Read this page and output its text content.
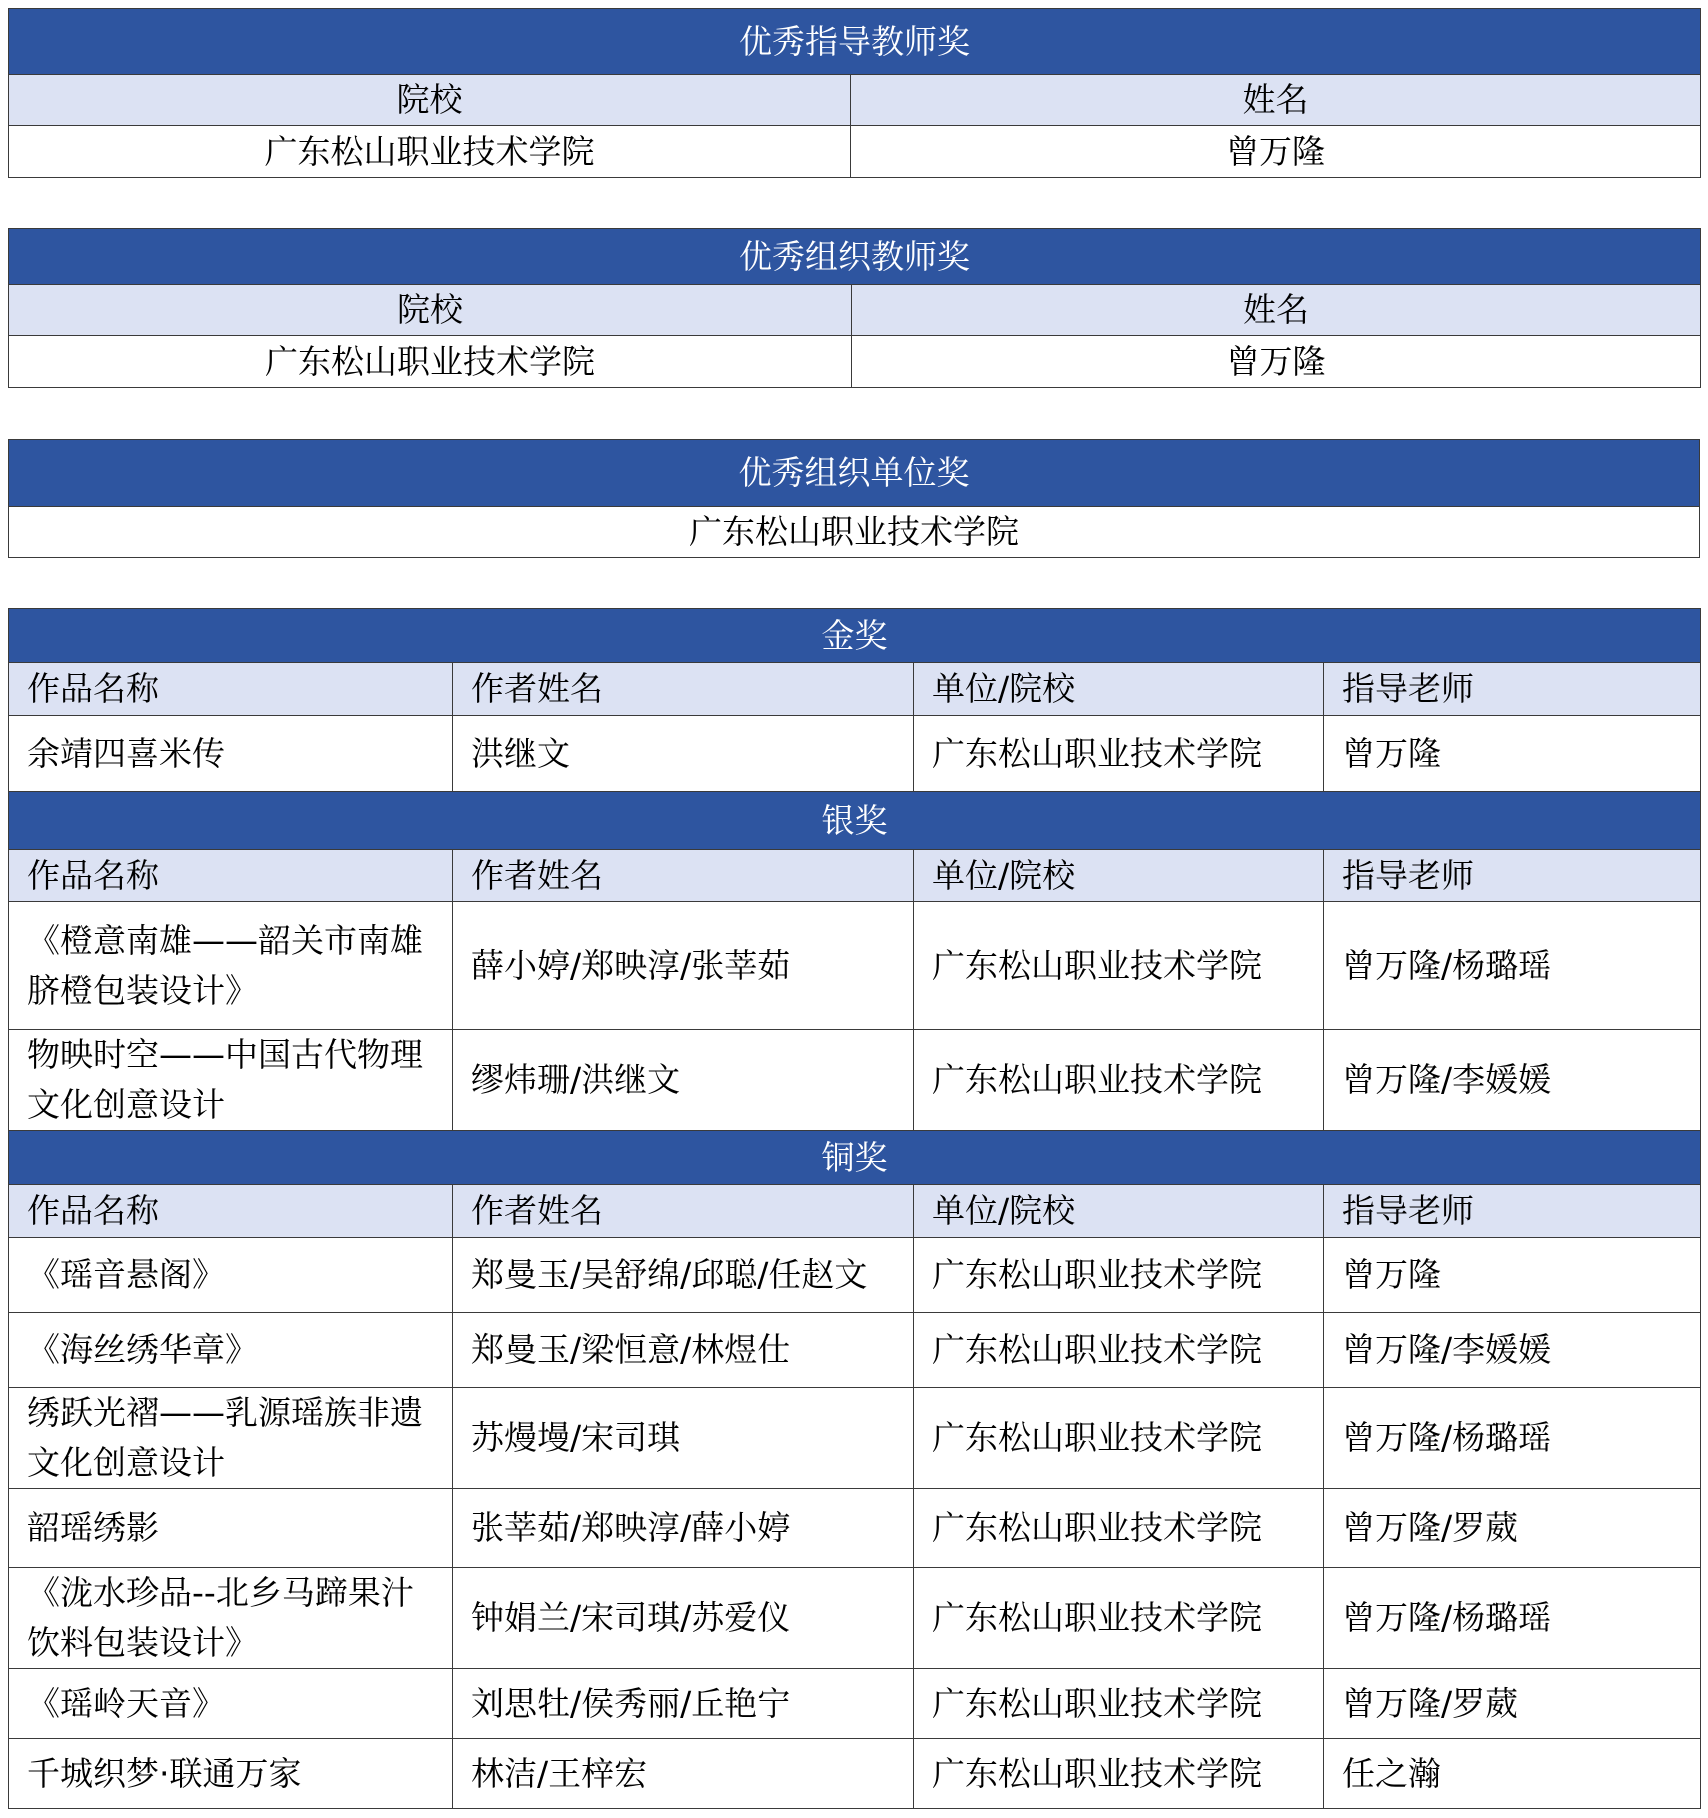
优秀指导教师奖	
院校	姓名
广东松山职业技术学院	曾万隆
优秀组织教师奖	
院校	姓名
广东松山职业技术学院	曾万隆
优秀组织单位奖
广东松山职业技术学院
金奖			
作品名称	作者姓名	单位/院校	指导老师
余靖四喜米传	洪继文	广东松山职业技术学院	曾万隆
银奖			
作品名称	作者姓名	单位/院校	指导老师
《橙意南雄——韶关市南雄脐橙包装设计》	薛小婷/郑映淳/张莘茹	广东松山职业技术学院	曾万隆/杨璐瑶
物映时空——中国古代物理文化创意设计	缪炜珊/洪继文	广东松山职业技术学院	曾万隆/李媛媛
铜奖			
作品名称	作者姓名	单位/院校	指导老师
《瑶音悬阁》	郑曼玉/吴舒绵/邱聪/任赵文	广东松山职业技术学院	曾万隆
《海丝绣华章》	郑曼玉/梁恒意/林煜仕	广东松山职业技术学院	曾万隆/李媛媛
绣跃光褶——乳源瑶族非遗文化创意设计	苏熳墁/宋司琪	广东松山职业技术学院	曾万隆/杨璐瑶
韶瑶绣影	张莘茹/郑映淳/薛小婷	广东松山职业技术学院	曾万隆/罗葳
《泷水珍品--北乡马蹄果汁饮料包装设计》	钟娟兰/宋司琪/苏爱仪	广东松山职业技术学院	曾万隆/杨璐瑶
《瑶岭天音》	刘思牡/侯秀丽/丘艳宁	广东松山职业技术学院	曾万隆/罗葳
千城织梦·联通万家	林洁/王梓宏	广东松山职业技术学院	任之瀚
